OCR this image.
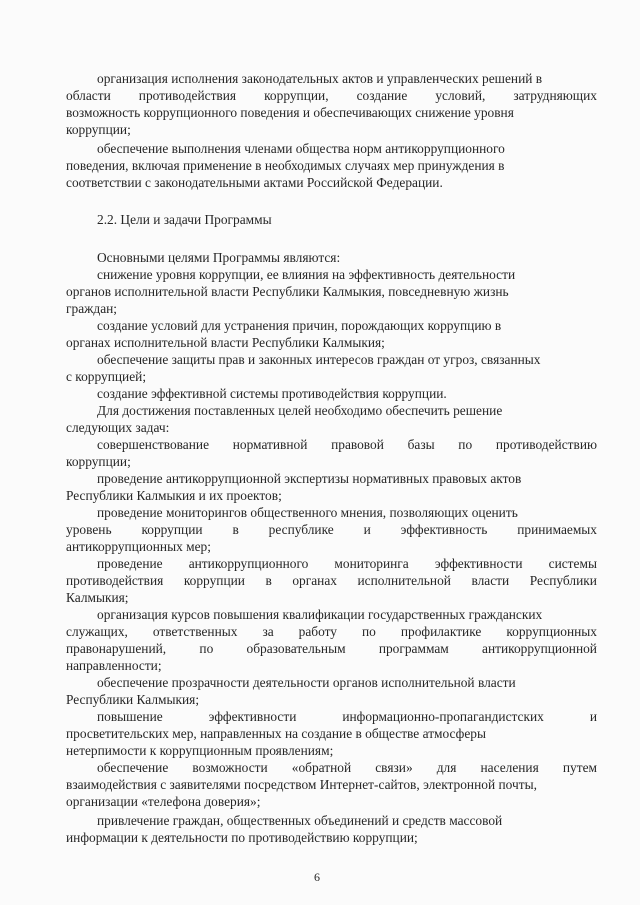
организация исполнения законодательных актов и управленческих решений в
области противодействия коррупции, создание условий, затрудняющих
возможность коррупционного поведения и обеспечивающих снижение уровня
коррупции;
обеспечение выполнения членами общества норм антикоррупционного
поведения, включая применение в необходимых случаях мер принуждения в
соответствии с законодательными актами Российской Федерации.
2.2. Цели и задачи Программы
Основными целями Программы являются:
снижение уровня коррупции, ее влияния на эффективность деятельности
органов исполнительной власти Республики Калмыкия, повседневную жизнь
граждан;
создание условий для устранения причин, порождающих коррупцию в
органах исполнительной власти Республики Калмыкия;
обеспечение защиты прав и законных интересов граждан от угроз, связанных
с коррупцией;
создание эффективной системы противодействия коррупции.
Для достижения поставленных целей необходимо обеспечить решение
следующих задач:
совершенствование нормативной правовой базы по противодействию
коррупции;
проведение антикоррупционной экспертизы нормативных правовых актов
Республики Калмыкия и их проектов;
проведение мониторингов общественного мнения, позволяющих оценить
уровень коррупции в республике и эффективность принимаемых
антикоррупционных мер;
проведение антикоррупционного мониторинга эффективности системы
противодействия коррупции в органах исполнительной власти Республики
Калмыкия;
организация курсов повышения квалификации государственных гражданских
служащих, ответственных за работу по профилактике коррупционных
правонарушений, по образовательным программам антикоррупционной
направленности;
обеспечение прозрачности деятельности органов исполнительной власти
Республики Калмыкия;
повышение	эффективности	информационно-пропагандистских	и
просветительских мер, направленных на создание в обществе атмосферы
нетерпимости к коррупционным проявлениям;
обеспечение возможности «обратной связи» для населения путем
взаимодействия с заявителями посредством Интернет-сайтов, электронной почты,
организации «телефона доверия»;
привлечение граждан, общественных объединений и средств массовой
информации к деятельности по противодействию коррупции;
6
